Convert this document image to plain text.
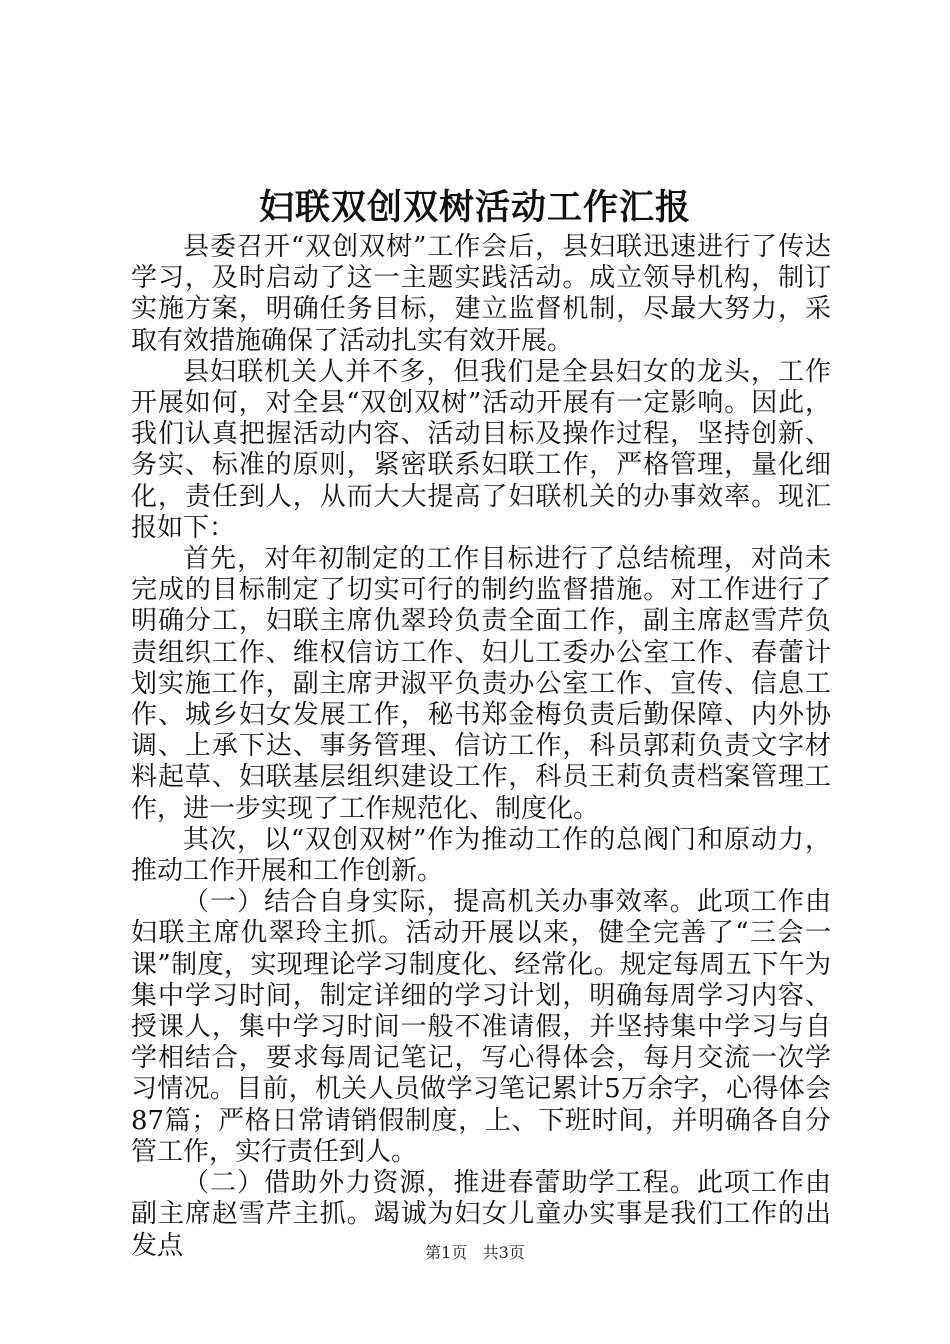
妇联双创双树活动工作汇报

县委召开“双创双树”工作会后，县妇联迅速进行了传达学习，及时启动了这一主题实践活动。成立领导机构，制订实施方案，明确任务目标，建立监督机制，尽最大努力，采取有效措施确保了活动扎实有效开展。

县妇联机关人并不多，但我们是全县妇女的龙头，工作开展如何，对全县“双创双树”活动开展有一定影响。因此，我们认真把握活动内容、活动目标及操作过程，坚持创新、务实、标准的原则，紧密联系妇联工作，严格管理，量化细化，责任到人，从而大大提高了妇联机关的办事效率。现汇报如下：

首先，对年初制定的工作目标进行了总结梳理，对尚未完成的目标制定了切实可行的制约监督措施。对工作进行了明确分工，妇联主席仇翠玲负责全面工作，副主席赵雪芹负责组织工作、维权信访工作、妇儿工委办公室工作、春蕾计划实施工作，副主席尹淑平负责办公室工作、宣传、信息工作、城乡妇女发展工作，秘书郑金梅负责后勤保障、内外协调、上承下达、事务管理、信访工作，科员郭莉负责文字材料起草、妇联基层组织建设工作，科员王莉负责档案管理工作，进一步实现了工作规范化、制度化。

其次，以“双创双树”作为推动工作的总阀门和原动力，推动工作开展和工作创新。

（一）结合自身实际，提高机关办事效率。此项工作由妇联主席仇翠玲主抓。活动开展以来，健全完善了“三会一课”制度，实现理论学习制度化、经常化。规定每周五下午为集中学习时间，制定详细的学习计划，明确每周学习内容、授课人，集中学习时间一般不准请假，并坚持集中学习与自学相结合，要求每周记笔记，写心得体会，每月交流一次学习情况。目前，机关人员做学习笔记累计5万余字，心得体会87篇；严格日常请销假制度，上、下班时间，并明确各自分管工作，实行责任到人。

（二）借助外力资源，推进春蕾助学工程。此项工作由副主席赵雪芹主抓。竭诚为妇女儿童办实事是我们工作的出发点	第1页 共3页
